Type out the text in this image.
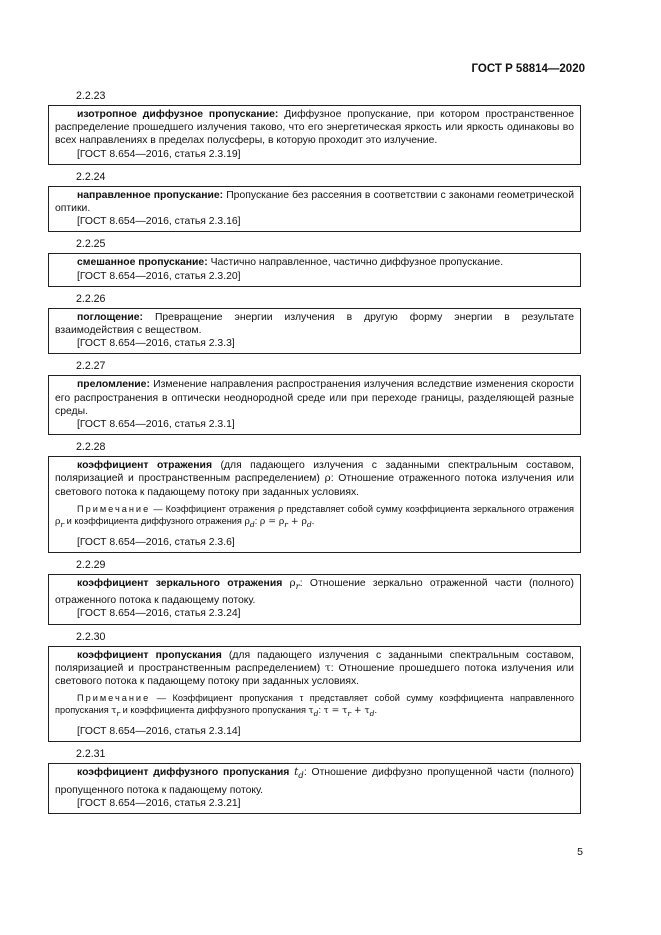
ГОСТ Р 58814—2020
2.2.23

изотропное диффузное пропускание: Диффузное пропускание, при котором пространственное распределение прошедшего излучения таково, что его энергетическая яркость или яркость одинаковы во всех направлениях в пределах полусферы, в которую проходит это излучение.

[ГОСТ 8.654—2016, статья 2.3.19]

2.2.24

направленное пропускание: Пропускание без рассеяния в соответствии с законами геометрической оптики.

[ГОСТ 8.654—2016, статья 2.3.16]

2.2.25

смешанное пропускание: Частично направленное, частично диффузное пропускание.

[ГОСТ 8.654—2016, статья 2.3.20]

2.2.26

поглощение: Превращение энергии излучения в другую форму энергии в результате взаимодействия с веществом.

[ГОСТ 8.654—2016, статья 2.3.3]

2.2.27

преломление: Изменение направления распространения излучения вследствие изменения скорости его распространения в оптически неоднородной среде или при переходе границы, разделяющей разные среды.

[ГОСТ 8.654—2016, статья 2.3.1]

2.2.28

коэффициент отражения (для падающего излучения с заданными спектральным составом, поляризацией и пространственным распределением) ρ: Отношение отраженного потока излучения или светового потока к падающему потоку при заданных условиях.

Примечание — Коэффициент отражения ρ представляет собой сумму коэффициента зеркального отражения $\rho_r$ и коэффициента диффузного отражения $\rho_d$: $\rho = \rho_r + \rho_d$.

[ГОСТ 8.654—2016, статья 2.3.6]

2.2.29

коэффициент зеркального отражения $\rho_r$: Отношение зеркально отраженной части (полного) отраженного потока к падающему потоку.

[ГОСТ 8.654—2016, статья 2.3.24]

2.2.30

коэффициент пропускания (для падающего излучения с заданными спектральным составом, поляризацией и пространственным распределением) τ: Отношение прошедшего потока излучения или светового потока к падающему потоку при заданных условиях.

Примечание — Коэффициент пропускания τ представляет собой сумму коэффициента направленного пропускания $\tau_r$ и коэффициента диффузного пропускания $\tau_d$: $\tau = \tau_r + \tau_d$.

[ГОСТ 8.654—2016, статья 2.3.14]

2.2.31

коэффициент диффузного пропускания $t_d$: Отношение диффузно пропущенной части (полного) пропущенного потока к падающему потоку.

[ГОСТ 8.654—2016, статья 2.3.21]

5
